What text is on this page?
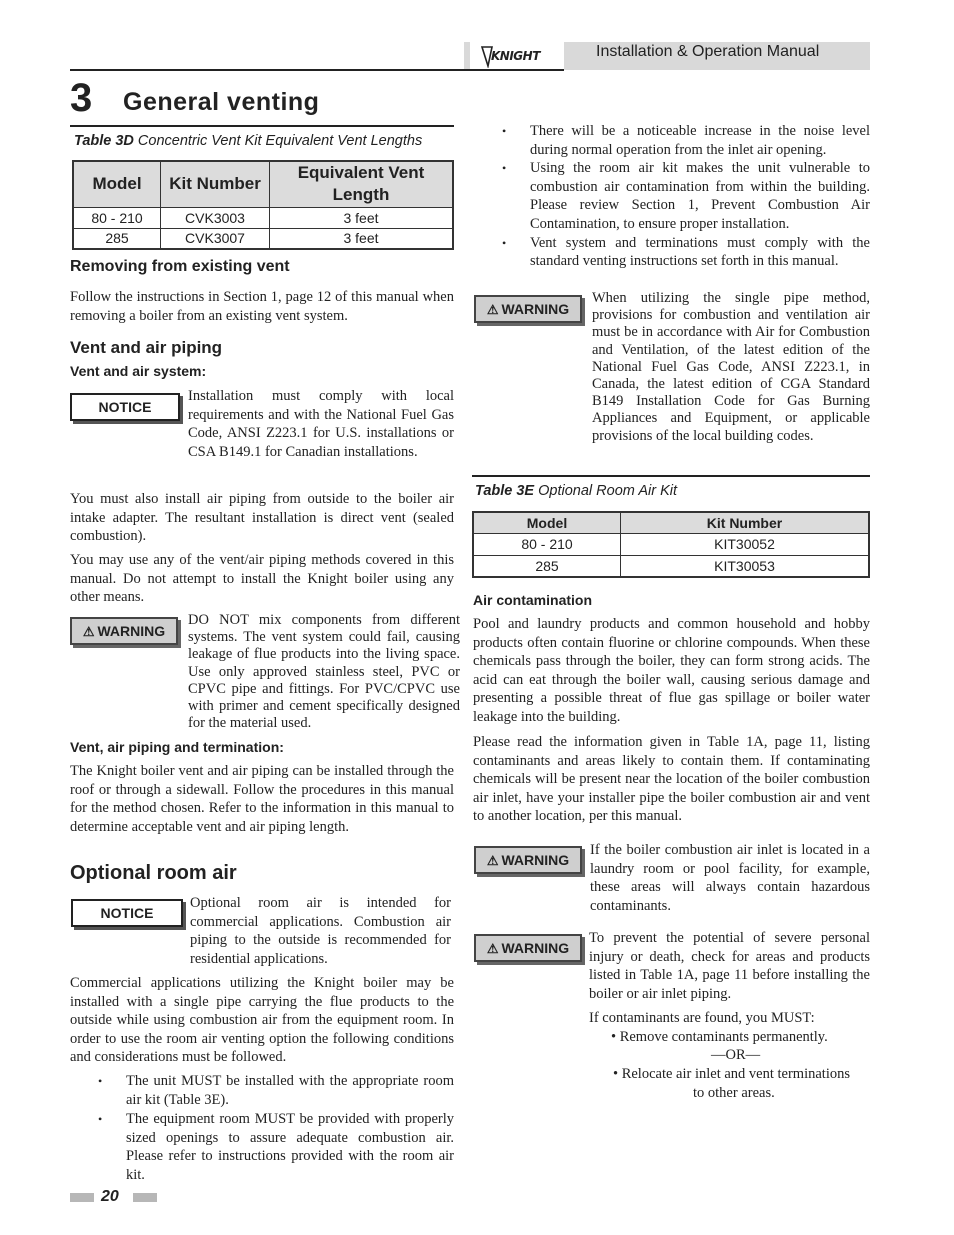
KNIGHT	Installation & Operation Manual
3 General venting
Table 3D Concentric Vent Kit Equivalent Vent Lengths
Model	Kit Number	Equivalent Vent Length
80 - 210	CVK3003	3 feet
285	CVK3007	3 feet
Removing from existing vent
Follow the instructions in Section 1, page 12 of this manual when removing a boiler from an existing vent system.
Vent and air piping
Vent and air system:
NOTICE
Installation must comply with local requirements and with the National Fuel Gas Code, ANSI Z223.1 for U.S. installations or CSA B149.1 for Canadian installations.
You must also install air piping from outside to the boiler air intake adapter. The resultant installation is direct vent (sealed combustion).
You may use any of the vent/air piping methods covered in this manual. Do not attempt to install the Knight boiler using any other means.
⚠ WARNING
DO NOT mix components from different systems. The vent system could fail, causing leakage of flue products into the living space. Use only approved stainless steel, PVC or CPVC pipe and fittings. For PVC/CPVC use with primer and cement specifically designed for the material used.
Vent, air piping and termination:
The Knight boiler vent and air piping can be installed through the roof or through a sidewall. Follow the procedures in this manual for the method chosen. Refer to the information in this manual to determine acceptable vent and air piping length.
Optional room air
NOTICE
Optional room air is intended for commercial applications. Combustion air piping to the outside is recommended for residential applications.
Commercial applications utilizing the Knight boiler may be installed with a single pipe carrying the flue products to the outside while using combustion air from the equipment room. In order to use the room air venting option the following conditions and considerations must be followed.
• The unit MUST be installed with the appropriate room air kit (Table 3E).
• The equipment room MUST be provided with properly sized openings to assure adequate combustion air. Please refer to instructions provided with the room air kit.
• There will be a noticeable increase in the noise level during normal operation from the inlet air opening.
• Using the room air kit makes the unit vulnerable to combustion air contamination from within the building. Please review Section 1, Prevent Combustion Air Contamination, to ensure proper installation.
• Vent system and terminations must comply with the standard venting instructions set forth in this manual.
⚠ WARNING
When utilizing the single pipe method, provisions for combustion and ventilation air must be in accordance with Air for Combustion and Ventilation, of the latest edition of the National Fuel Gas Code, ANSI Z223.1, in Canada, the latest edition of CGA Standard B149 Installation Code for Gas Burning Appliances and Equipment, or applicable provisions of the local building codes.
Table 3E Optional Room Air Kit
Model	Kit Number
80 - 210	KIT30052
285	KIT30053
Air contamination
Pool and laundry products and common household and hobby products often contain fluorine or chlorine compounds. When these chemicals pass through the boiler, they can form strong acids. The acid can eat through the boiler wall, causing serious damage and presenting a possible threat of flue gas spillage or boiler water leakage into the building.
Please read the information given in Table 1A, page 11, listing contaminants and areas likely to contain them. If contaminating chemicals will be present near the location of the boiler combustion air inlet, have your installer pipe the boiler combustion air and vent to another location, per this manual.
⚠ WARNING
If the boiler combustion air inlet is located in a laundry room or pool facility, for example, these areas will always contain hazardous contaminants.
⚠ WARNING
To prevent the potential of severe personal injury or death, check for areas and products listed in Table 1A, page 11 before installing the boiler or air inlet piping.
If contaminants are found, you MUST:
• Remove contaminants permanently.
—OR—
• Relocate air inlet and vent terminations
to other areas.
20
